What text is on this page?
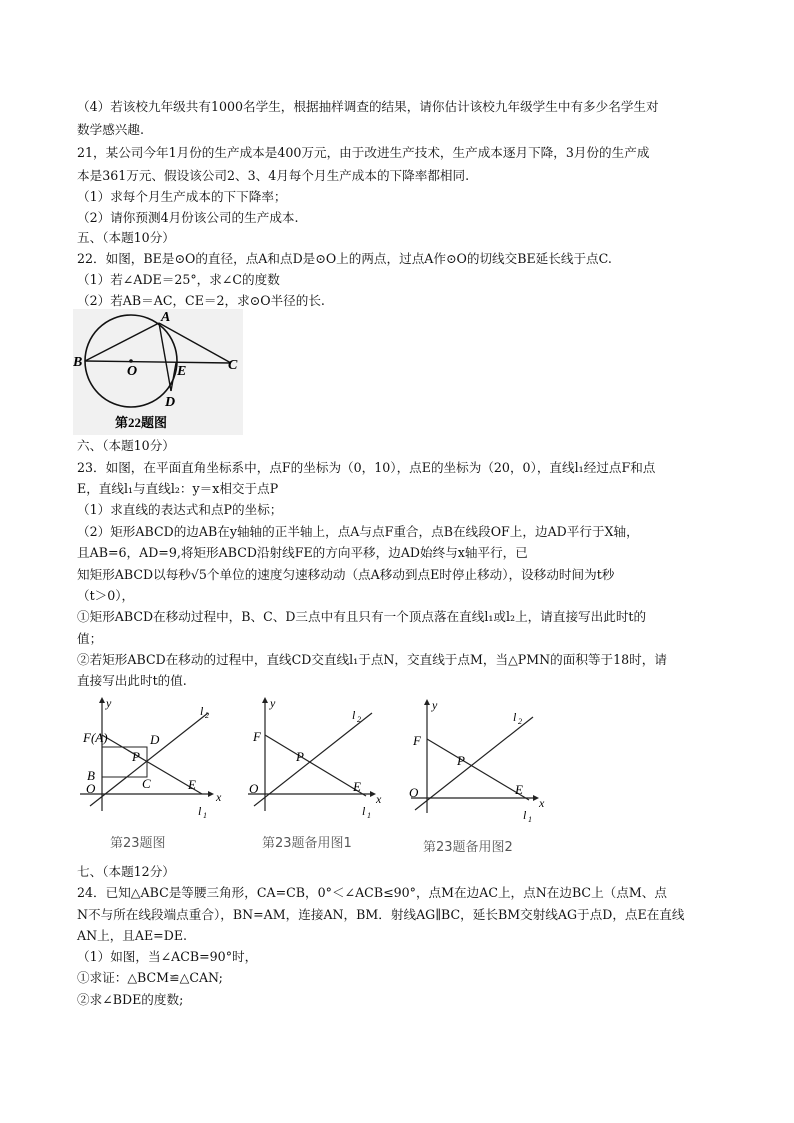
（4）若该校九年级共有1000名学生，根据抽样调查的结果，请你估计该校九年级学生中有多少名学生对
数学感兴趣.
21，某公司今年1月份的生产成本是400万元，由于改进生产技术，生产成本逐月下降，3月份的生产成
本是361万元、假设该公司2、3、4月每个月生产成本的下降率都相同.
（1）求每个月生产成本的下下降率；
（2）请你预测4月份该公司的生产成本.
五、（本题10分）
22．如图，BE是⊙O的直径，点A和点D是⊙O上的两点，过点A作⊙O的切线交BE延长线于点C.
（1）若∠ADE＝25°，求∠C的度数
（2）若AB＝AC，CE＝2，求⊙O半径的长.
A
B
O	E	C
D
第22题图
六、（本题10分）
23．如图，在平面直角坐标系中，点F的坐标为（0，10），点E的坐标为（20，0），直线l₁经过点F和点
E，直线l₁与直线l₂：y＝x相交于点P
（1）求直线的表达式和点P的坐标；
（2）矩形ABCD的边AB在y轴轴的正半轴上，点A与点F重合，点B在线段OF上，边AD平行于X轴，
且AB=6，AD=9,将矩形ABCD沿射线FE的方向平移，边AD始终与x轴平行，已
知矩形ABCD以每秒√5个单位的速度匀速移动动（点A移动到点E时停止移动），设移动时间为t秒
（t＞0），
①矩形ABCD在移动过程中，B、C、D三点中有且只有一个顶点落在直线l₁或l₂上，请直接写出此时t的
值；
②若矩形ABCD在移动的过程中，直线CD交直线l₁于点N，交直线于点M，当△PMN的面积等于18时，请
直接写出此时t的值.
F(A)	D
B
P
C
O	E
x
y
l 1
l 2
第23题图
F
P
O	E
x
y
l 1
l 2
第23题备用图1
F
P
O	E
x
y
l 1
l 2
第23题备用图2
七、（本题12分）
24．已知△ABC是等腰三角形，CA=CB，0°＜∠ACB≤90°，点M在边AC上，点N在边BC上（点M、点
N不与所在线段端点重合），BN=AM，连接AN，BM．射线AG∥BC，延长BM交射线AG于点D，点E在直线
AN上，且AE=DE.
（1）如图，当∠ACB=90°时，
①求证：△BCM≌△CAN;
②求∠BDE的度数;
